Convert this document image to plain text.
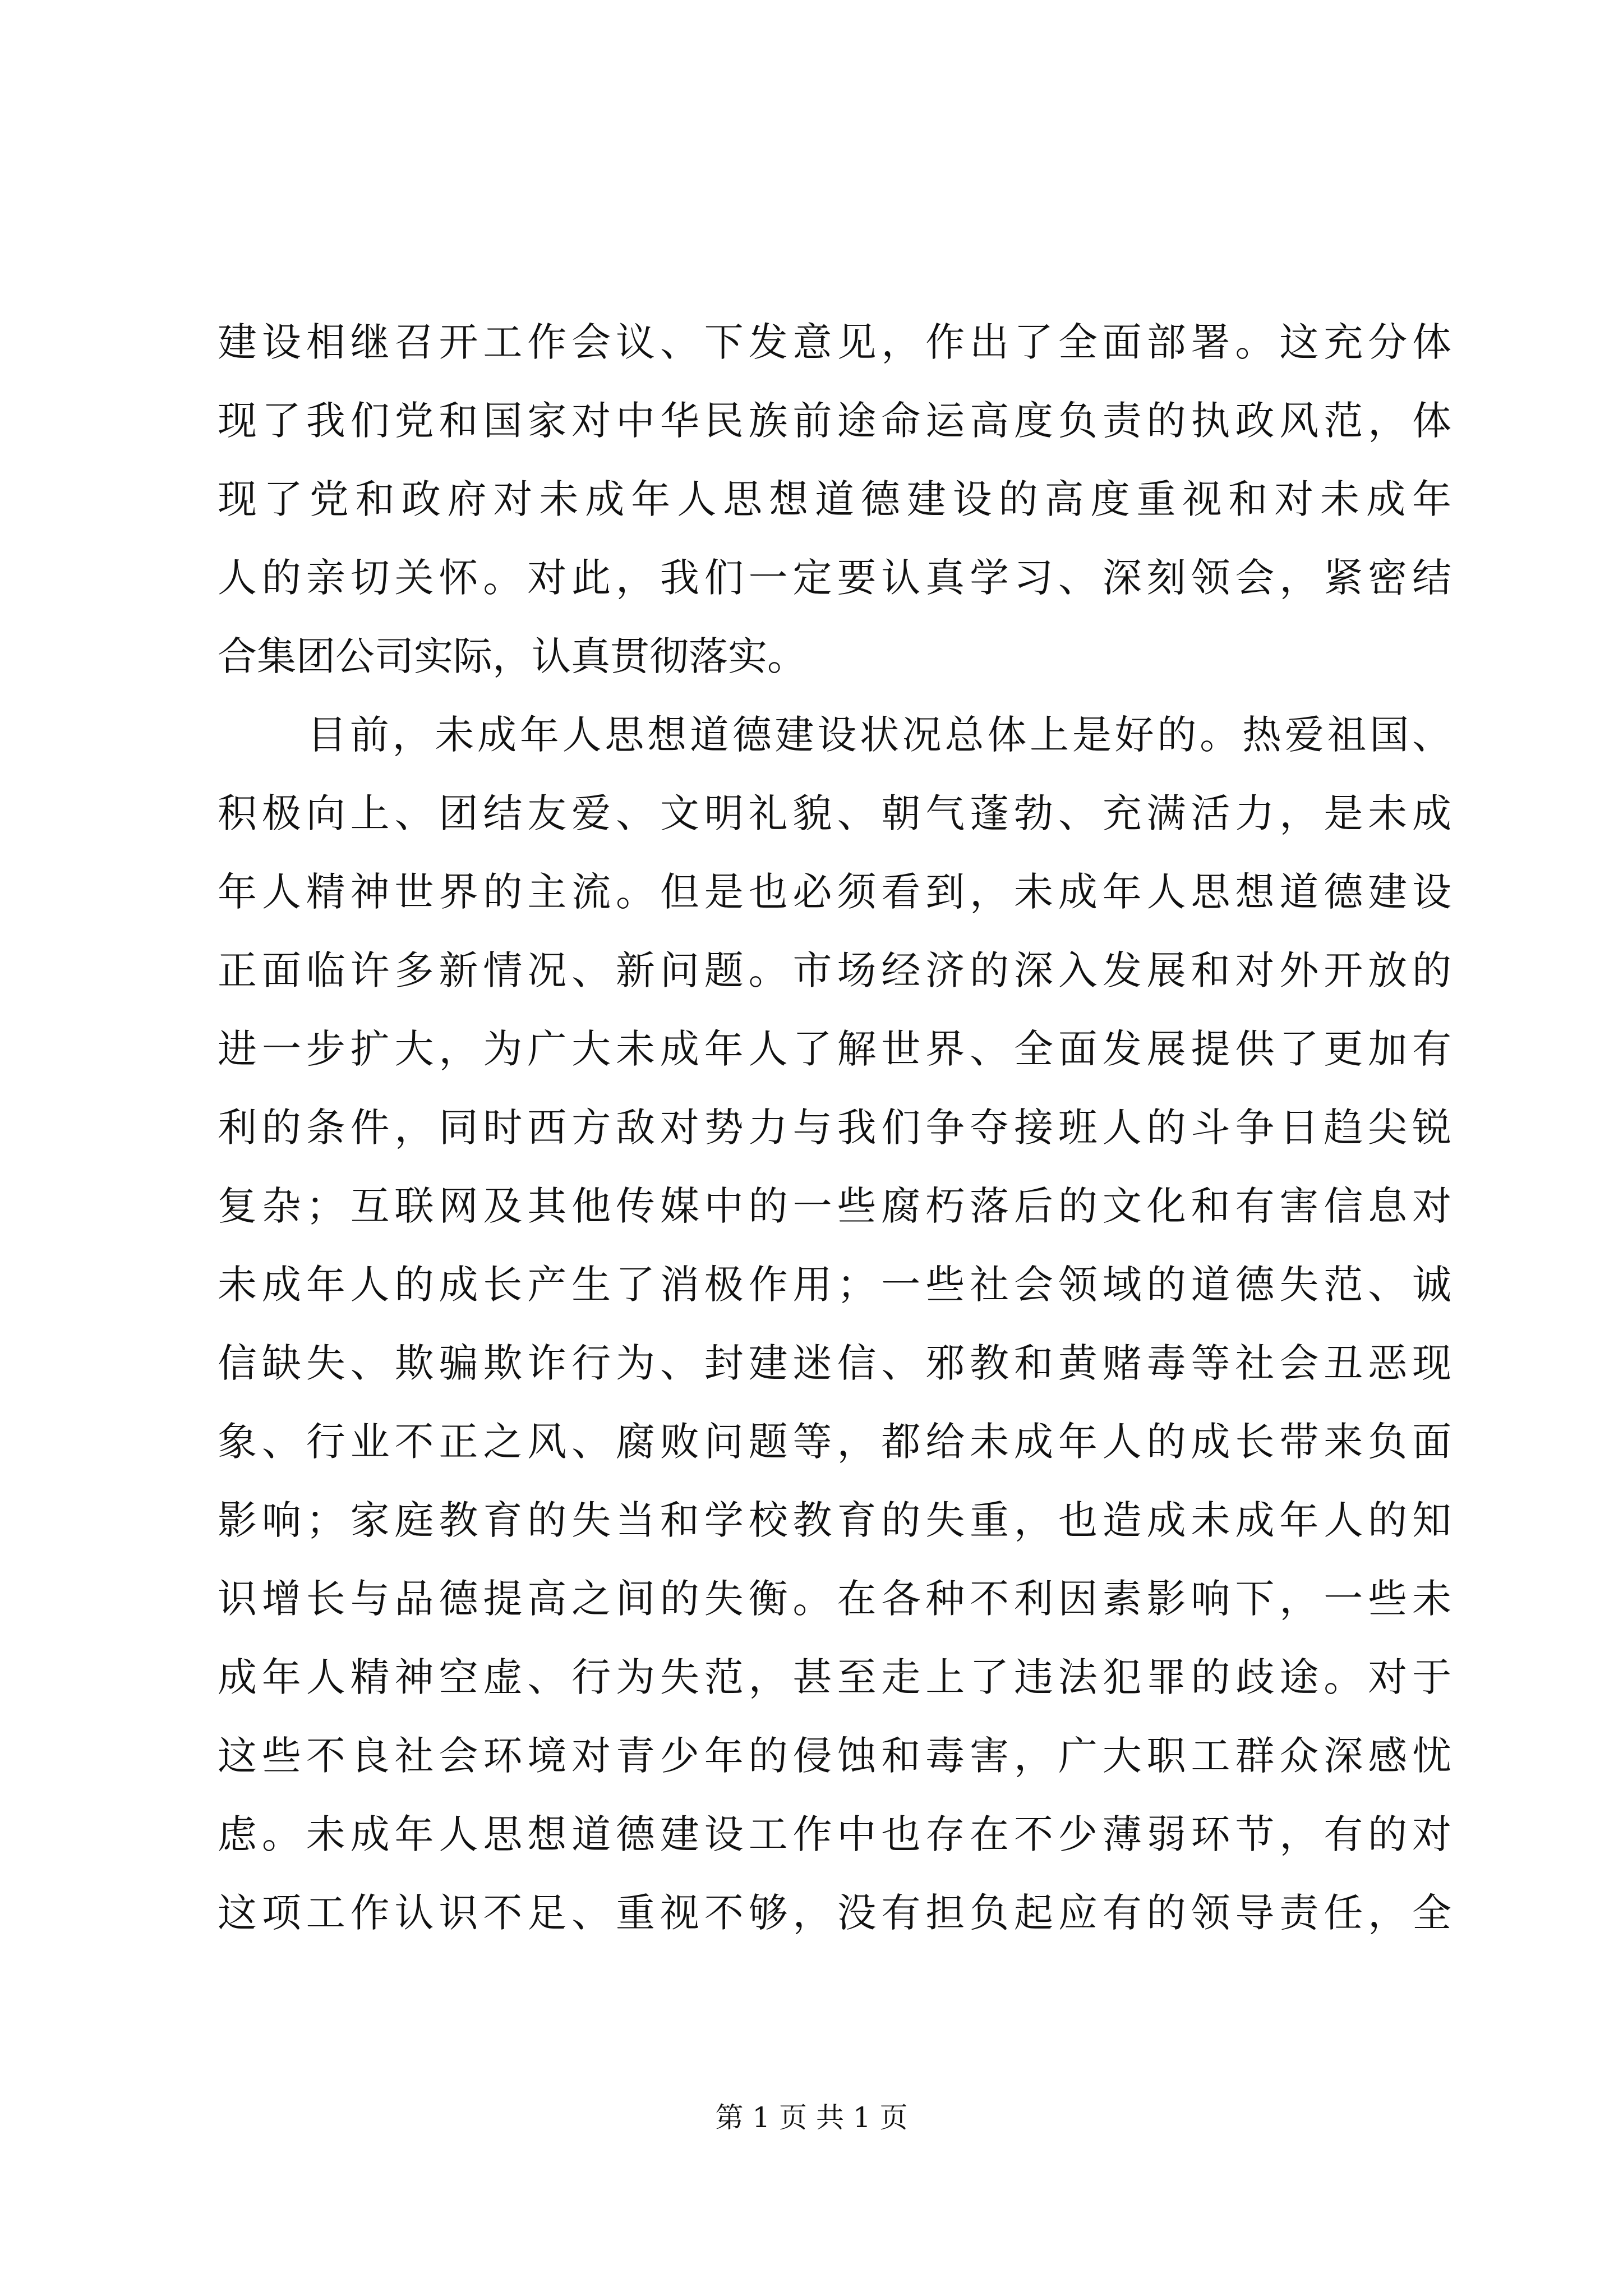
建设相继召开工作会议、下发意见，作出了全面部署。这充分体
现了我们党和国家对中华民族前途命运高度负责的执政风范，体
现了党和政府对未成年人思想道德建设的高度重视和对未成年
人的亲切关怀。对此，我们一定要认真学习、深刻领会，紧密结
合集团公司实际，认真贯彻落实。
目前，未成年人思想道德建设状况总体上是好的。热爱祖国、
积极向上、团结友爱、文明礼貌、朝气蓬勃、充满活力，是未成
年人精神世界的主流。但是也必须看到，未成年人思想道德建设
正面临许多新情况、新问题。市场经济的深入发展和对外开放的
进一步扩大，为广大未成年人了解世界、全面发展提供了更加有
利的条件，同时西方敌对势力与我们争夺接班人的斗争日趋尖锐
复杂；互联网及其他传媒中的一些腐朽落后的文化和有害信息对
未成年人的成长产生了消极作用；一些社会领域的道德失范、诚
信缺失、欺骗欺诈行为、封建迷信、邪教和黄赌毒等社会丑恶现
象、行业不正之风、腐败问题等，都给未成年人的成长带来负面
影响；家庭教育的失当和学校教育的失重，也造成未成年人的知
识增长与品德提高之间的失衡。在各种不利因素影响下，一些未
成年人精神空虚、行为失范，甚至走上了违法犯罪的歧途。对于
这些不良社会环境对青少年的侵蚀和毒害，广大职工群众深感忧
虑。未成年人思想道德建设工作中也存在不少薄弱环节，有的对
这项工作认识不足、重视不够，没有担负起应有的领导责任，全
第 1 页 共 1 页
